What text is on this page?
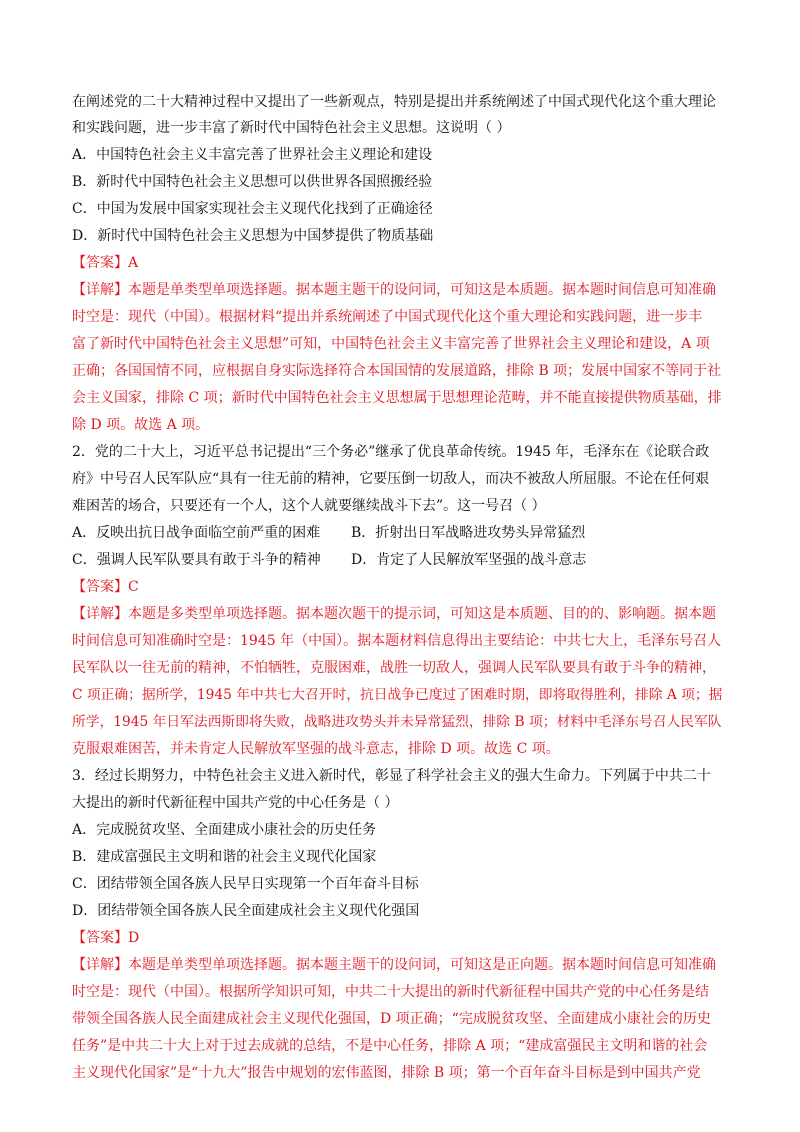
在阐述党的二十大精神过程中又提出了一些新观点，特别是提出并系统阐述了中国式现代化这个重大理论
和实践问题，进一步丰富了新时代中国特色社会主义思想。这说明（ ）
A．中国特色社会主义丰富完善了世界社会主义理论和建设
B．新时代中国特色社会主义思想可以供世界各国照搬经验
C．中国为发展中国家实现社会主义现代化找到了正确途径
D．新时代中国特色社会主义思想为中国梦提供了物质基础
【答案】A
【详解】本题是单类型单项选择题。据本题主题干的设问词，可知这是本质题。据本题时间信息可知准确
时空是：现代（中国）。根据材料“提出并系统阐述了中国式现代化这个重大理论和实践问题，进一步丰
富了新时代中国特色社会主义思想”可知，中国特色社会主义丰富完善了世界社会主义理论和建设，A 项
正确；各国国情不同，应根据自身实际选择符合本国国情的发展道路，排除 B 项；发展中国家不等同于社
会主义国家，排除 C 项；新时代中国特色社会主义思想属于思想理论范畴，并不能直接提供物质基础，排
除 D 项。故选 A 项。
2．党的二十大上，习近平总书记提出“三个务必”继承了优良革命传统。1945 年，毛泽东在《论联合政
府》中号召人民军队应“具有一往无前的精神，它要压倒一切敌人，而决不被敌人所屈服。不论在任何艰
难困苦的场合，只要还有一个人，这个人就要继续战斗下去”。这一号召（ ）
A．反映出抗日战争面临空前严重的困难 B．折射出日军战略进攻势头异常猛烈
C．强调人民军队要具有敢于斗争的精神 D．肯定了人民解放军坚强的战斗意志
【答案】C
【详解】本题是多类型单项选择题。据本题次题干的提示词，可知这是本质题、目的的、影响题。据本题
时间信息可知准确时空是：1945 年（中国）。据本题材料信息得出主要结论：中共七大上，毛泽东号召人
民军队以一往无前的精神，不怕牺牲，克服困难，战胜一切敌人，强调人民军队要具有敢于斗争的精神，
C 项正确；据所学，1945 年中共七大召开时，抗日战争已度过了困难时期，即将取得胜利，排除 A 项；据
所学，1945 年日军法西斯即将失败，战略进攻势头并未异常猛烈，排除 B 项；材料中毛泽东号召人民军队
克服艰难困苦，并未肯定人民解放军坚强的战斗意志，排除 D 项。故选 C 项。
3．经过长期努力，中特色社会主义进入新时代，彰显了科学社会主义的强大生命力。下列属于中共二十
大提出的新时代新征程中国共产党的中心任务是（ ）
A．完成脱贫攻坚、全面建成小康社会的历史任务
B．建成富强民主文明和谐的社会主义现代化国家
C．团结带领全国各族人民早日实现第一个百年奋斗目标
D．团结带领全国各族人民全面建成社会主义现代化强国
【答案】D
【详解】本题是单类型单项选择题。据本题主题干的设问词，可知这是正向题。据本题时间信息可知准确
时空是：现代（中国）。根据所学知识可知，中共二十大提出的新时代新征程中国共产党的中心任务是结
带领全国各族人民全面建成社会主义现代化强国，D 项正确；“完成脱贫攻坚、全面建成小康社会的历史
任务”是中共二十大上对于过去成就的总结，不是中心任务，排除 A 项；“建成富强民主文明和谐的社会
主义现代化国家”是“十九大”报告中规划的宏伟蓝图，排除 B 项；第一个百年奋斗目标是到中国共产党
